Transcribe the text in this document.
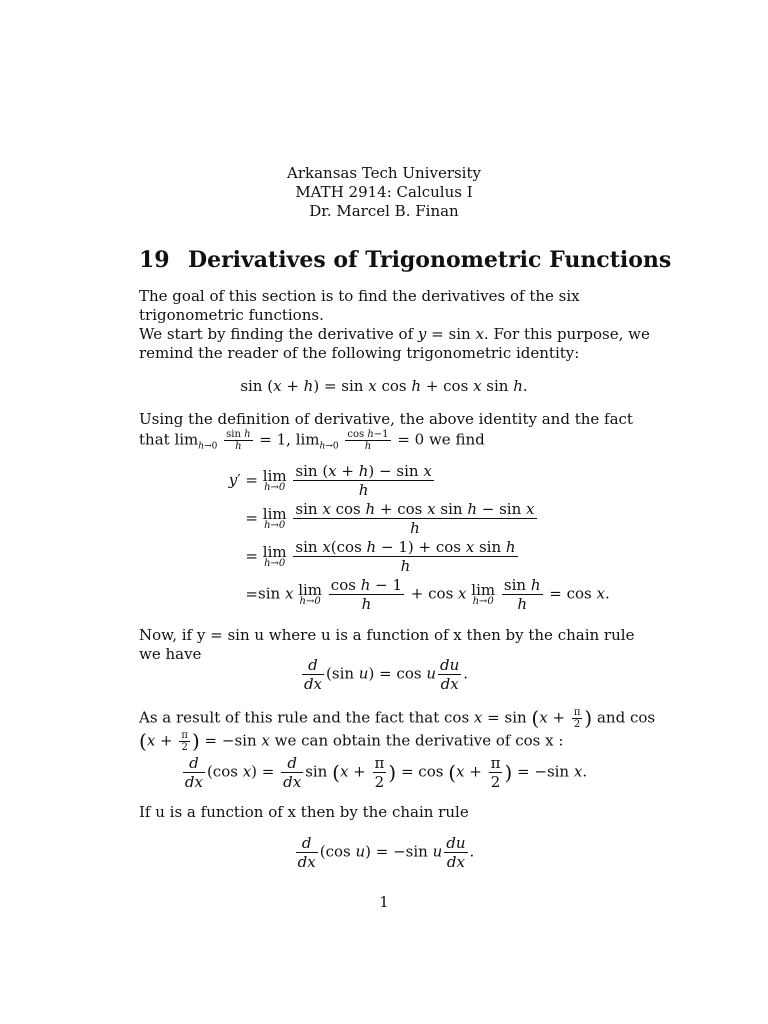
Arkansas Tech University
MATH 2914: Calculus I
Dr. Marcel B. Finan
19 Derivatives of Trigonometric Functions
The goal of this section is to find the derivatives of the six trigonometric functions.
We start by finding the derivative of y = sin x. For this purpose, we remind the reader of the following trigonometric identity:
sin (x + h) = sin x cos h + cos x sin h.
Using the definition of derivative, the above identity and the fact that $\lim_{h\to 0} \frac{\text{sin h}}{h} = 1$, $\lim_{h\to 0} \frac{\text{cos h−1}}{h} = 0$ we find
y′ = lim
h→0
$\frac{\text{sin (x + h) − sin x}}{h}$
= lim
h→0
$\frac{\text{sin x cos h + cos x sin h − sin x}}{h}$
= lim
h→0
$\frac{\text{sin x(cos h − 1) + cos x sin h}}{h}$
=sin x lim
h→0
$\frac{\text{cos h − 1}}{h} + \cos x$ lim
h→0
$\frac{\text{sin h}}{h} = \cos x$.
Now, if y = sin u where u is a function of x then by the chain rule we have
$\frac{d}{dx} (\sin$ u) = cos u $\frac{du}{dx}$ .
As a result of this rule and the fact that $\cos x = \sin (x + \frac{\pi}{2}$ ) and $\cos (x + \frac{\pi}{2}$ ) = −sin x we can obtain the derivative of cos x :
$\frac{d}{dx} (\cos$ $x) = \frac{d}{dx}$ $\sin (x + \frac{\pi}{2}$ ) = $\cos (x + \frac{\pi}{2}$ ) = −sin x.
If u is a function of x then by the chain rule
$\frac{d}{dx} (\cos$ u) = −sin u $\frac{du}{dx}$ .
1
